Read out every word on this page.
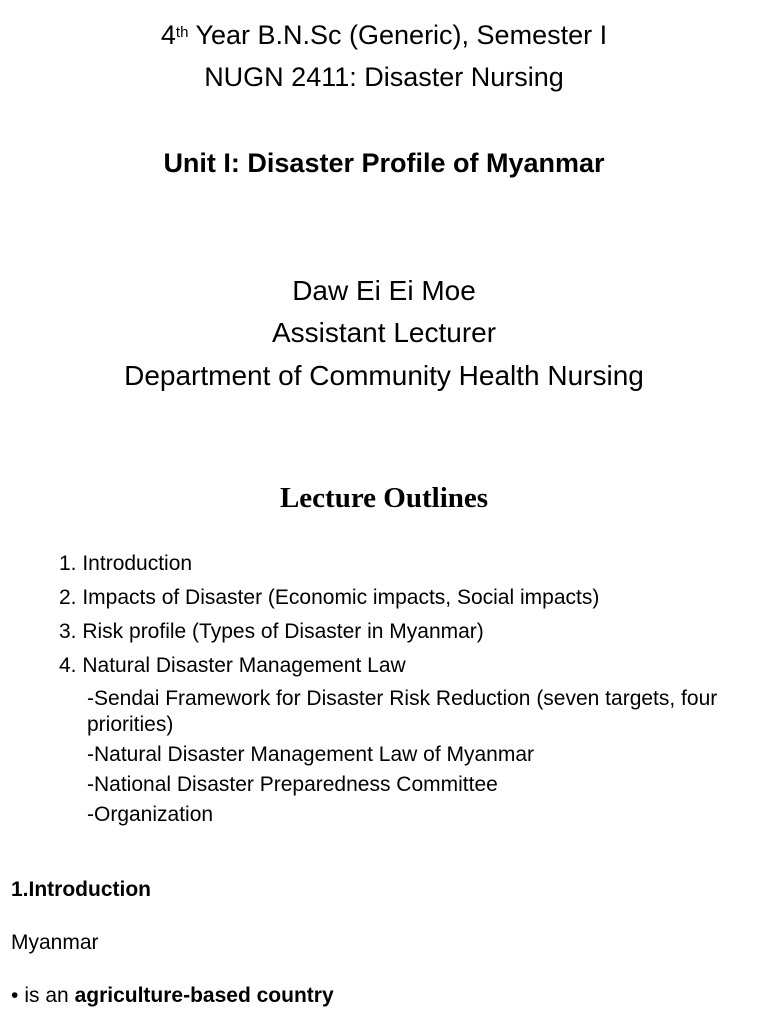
4th Year B.N.Sc (Generic), Semester I
NUGN 2411: Disaster Nursing
Unit I: Disaster Profile of Myanmar
Daw Ei Ei Moe
Assistant Lecturer
Department of Community Health Nursing
Lecture Outlines
1. Introduction
2. Impacts of Disaster (Economic impacts, Social impacts)
3. Risk profile (Types of Disaster in Myanmar)
4. Natural Disaster Management Law
-Sendai Framework for Disaster Risk Reduction (seven targets, four priorities)
-Natural Disaster Management Law of Myanmar
-National Disaster Preparedness Committee
-Organization
1.Introduction
Myanmar
• is an agriculture-based country
